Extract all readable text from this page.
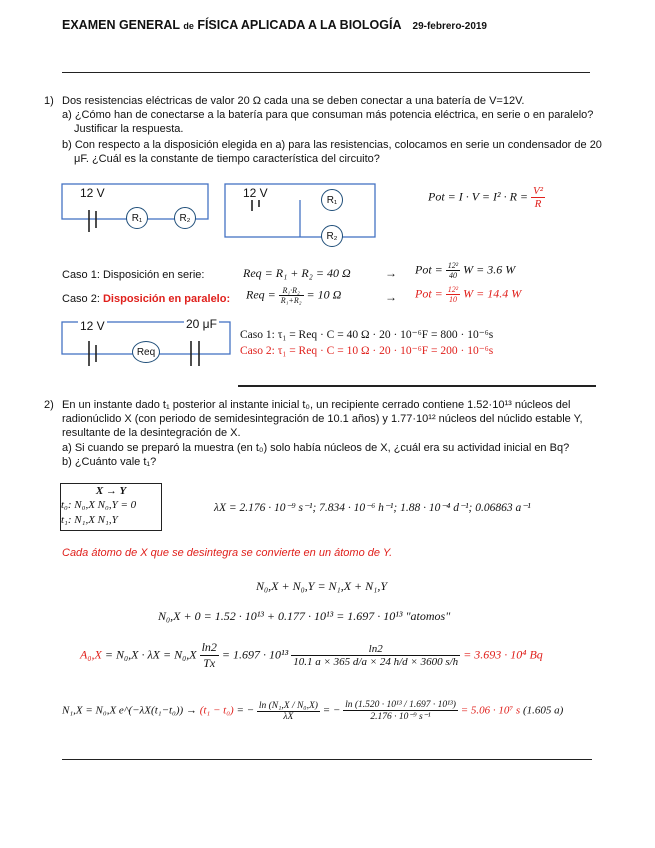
EXAMEN GENERAL de FÍSICA APLICADA A LA BIOLOGÍA 29-febrero-2019
1) Dos resistencias eléctricas de valor 20 Ω cada una se deben conectar a una batería de V=12V.
a) ¿Cómo han de conectarse a la batería para que consuman más potencia eléctrica, en serie o en paralelo? Justificar la respuesta.
b) Con respecto a la disposición elegida en a) para las resistencias, colocamos en serie un condensador de 20 μF. ¿Cuál es la constante de tiempo característica del circuito?
12 V
R₁	R₂
12 V	R₁
R₂
Pot = $I \cdot V = I^2 \cdot R = \frac{\text{V²}}{R}$
Caso 1: Disposición en serie:	Req = R₁ + R₂ = 40 Ω	→ Pot = $\frac{\text{12²}}{40}$ W = 3.6 W
Caso 2: Disposición en paralelo: Req = $\frac{\text{R₁·R₂}}{\text{R₁+R₂}} = 10$ Ω	→ Pot = $\frac{\text{12²}}{10}$ W = 14.4 W
12 V	20 μF
Req
Caso 1: τ₁ = Req · C = 40 Ω · 20 · 10⁻⁶F = 800 · 10⁻⁶s
Caso 2: τ₁ = Req · C = 10 Ω · 20 · 10⁻⁶F = 200 · 10⁻⁶s
2) En un instante dado t₁ posterior al instante inicial t₀, un recipiente cerrado contiene 1.52·10¹³ núcleos del radionúclido X (con periodo de semidesintegración de 10.1 años) y 1.77·10¹² núcleos del núclido estable Y, resultante de la desintegración de X.
a) Si cuando se preparó la muestra (en t₀) solo había núcleos de X, ¿cuál era su actividad inicial en Bq?
b) ¿Cuánto vale t₁?
X → Y
t₀: N₀,X N₀,Y = 0
t₁: N₁,X N₁,Y
λX = 2.176 · 10⁻⁹ s⁻¹; 7.834 · 10⁻⁶ h⁻¹; 1.88 · 10⁻⁴ d⁻¹; 0.06863 a⁻¹
Cada átomo de X que se desintegra se convierte en un átomo de Y.
N₀,X + N₀,Y = N₁,X + N₁,Y
N₀,X + 0 = 1.52 · 10¹³ + 0.177 · 10¹³ = 1.697 · 10¹³ "atomos"
$A_0,X = N_0,X \cdot \lambda X = N_0,X \frac{\ln 2}{Tx} = 1.697 \cdot 10^{13} \frac{\ln 2}{10.1 a \times 365 d/a \times 24 h/d \times 3600 s/h} = 3.693 \cdot 10^4$ Bq
N₁,X = N₀,X e^(−λX(t₁−t₀)) → (t₁ − t₀) = − $\frac{\text{ln (N₁,X / N₀,X)}}{\lambda X}$ = − $\frac{\text{ln (1.520 · 10¹³ / 1.697 · 10¹³)}}{\text{2.176 · 10⁻⁹ s⁻¹}} = 5.06 \cdot 10^7$ s (1.605 a)
